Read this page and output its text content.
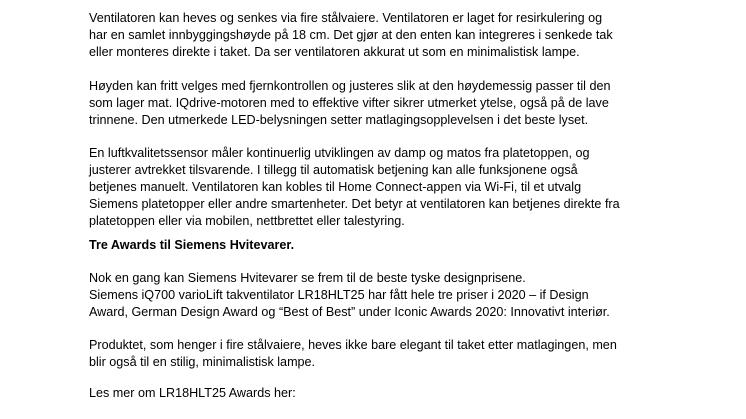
Ventilatoren kan heves og senkes via fire stålvaiere. Ventilatoren er laget for resirkulering og
har en samlet innbyggingshøyde på 18 cm. Det gjør at den enten kan integreres i senkede tak
eller monteres direkte i taket. Da ser ventilatoren akkurat ut som en minimalistisk lampe.

Høyden kan fritt velges med fjernkontrollen og justeres slik at den høydemessig passer til den
som lager mat. IQdrive-motoren med to effektive vifter sikrer utmerket ytelse, også på de lave
trinnene. Den utmerkede LED-belysningen setter matlagingsopplevelsen i det beste lyset.

En luftkvalitetssensor måler kontinuerlig utviklingen av damp og matos fra platetoppen, og
justerer avtrekket tilsvarende. I tillegg til automatisk betjening kan alle funksjonene også
betjenes manuelt. Ventilatoren kan kobles til Home Connect-appen via Wi-Fi, til et utvalg
Siemens platetopper eller andre smartenheter. Det betyr at ventilatoren kan betjenes direkte fra
platetoppen eller via mobilen, nettbrettet eller talestyring.

Tre Awards til Siemens Hvitevarer.

Nok en gang kan Siemens Hvitevarer se frem til de beste tyske designprisene.
Siemens iQ700 varioLift takventilator LR18HLT25 har fått hele tre priser i 2020 – if Design
Award, German Design Award og “Best of Best” under Iconic Awards 2020: Innovativt interiør.

Produktet, som henger i fire stålvaiere, heves ikke bare elegant til taket etter matlagingen, men
blir også til en stilig, minimalistisk lampe.

Les mer om LR18HLT25 Awards her:
